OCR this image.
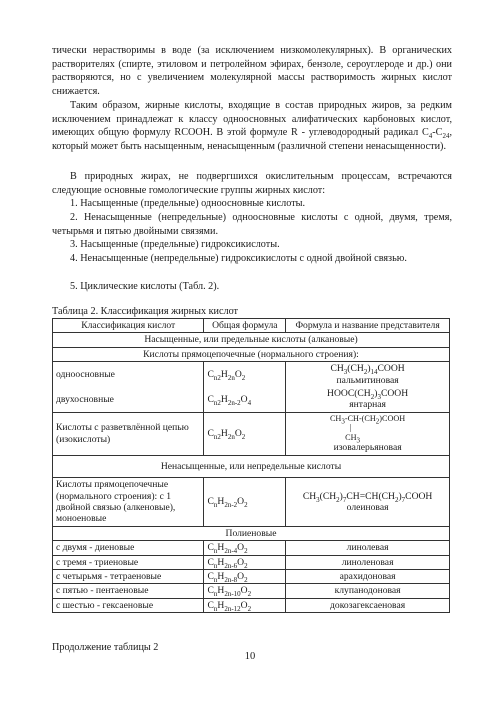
тически нерастворимы в воде (за исключением низкомолекулярных). В органических растворителях (спирте, этиловом и петролейном эфирах, бензоле, сероуглероде и др.) они растворяются, но с увеличением молекулярной массы растворимость жирных кислот снижается.

Таким образом, жирные кислоты, входящие в состав природных жиров, за редким исключением принадлежат к классу одноосновных алифатических карбоновых кислот, имеющих общую формулу RCOOH. В этой формуле R - углеводородный радикал $C_4-C_{24}$, который может быть насыщенным, ненасыщенным (различной степени ненасыщенности).

В природных жирах, не подвергшихся окислительным процессам, встречаются следующие основные гомологические группы жирных кислот:

1. Насыщенные (предельные) одноосновные кислоты.

2. Ненасыщенные (непредельные) одноосновные кислоты с одной, двумя, тремя, четырьмя и пятью двойными связями.

3. Насыщенные (предельные) гидроксикислоты.

4. Ненасыщенные (непредельные) гидроксикислоты с одной двойной связью.

5. Циклические кислоты (Табл. 2).

Таблица 2. Классификация жирных кислот
Классификация кислот	Общая формула	Формула и название представителя
Насыщенные, или предельные кислоты (алкановые)		
Кислоты прямоцепочечные (нормального строения):		
одноосновные	$C_{n2}H_{2n}O_2$	$CH_3(CH_2)_{14}COOH$
пальмитиновая

двухосновные	$C_{n2}H_{2n-2}O_4$	$HOOC(CH_2)_3COOH$
янтарная

Кислоты с разветвлённой цепью (изокислоты)	$C_{n2}H_{2n}O_2$	$CH_3-CH-(CH_2)COOH$
|
$CH_3$
изовалерьяновая

Ненасыщенные, или непредельные кислоты		
Кислоты прямоцепочечные (нормального строения): с 1 двойной связью (алкеновые), моноеновые	$C_nH_{2n-2}O_2$	$CH_3(CH_2)_7CH=CH(CH_2)_7COOH$
олеиновая

Полиеновые		
с двумя - диеновые	$C_nH_{2n-4}O_2$	линолевая
с тремя - триеновые	$C_nH_{2n-6}O_2$	линоленовая
с четырьмя - тетраеновые	$C_nH_{2n-8}O_2$	арахидоновая
с пятью - пентаеновые	$C_nH_{2n-10}O_2$	клупанодоновая
с шестью - гексаеновые	$C_nH_{2n-12}O_2$	докозагексаеновая
Продолжение таблицы 2
10
